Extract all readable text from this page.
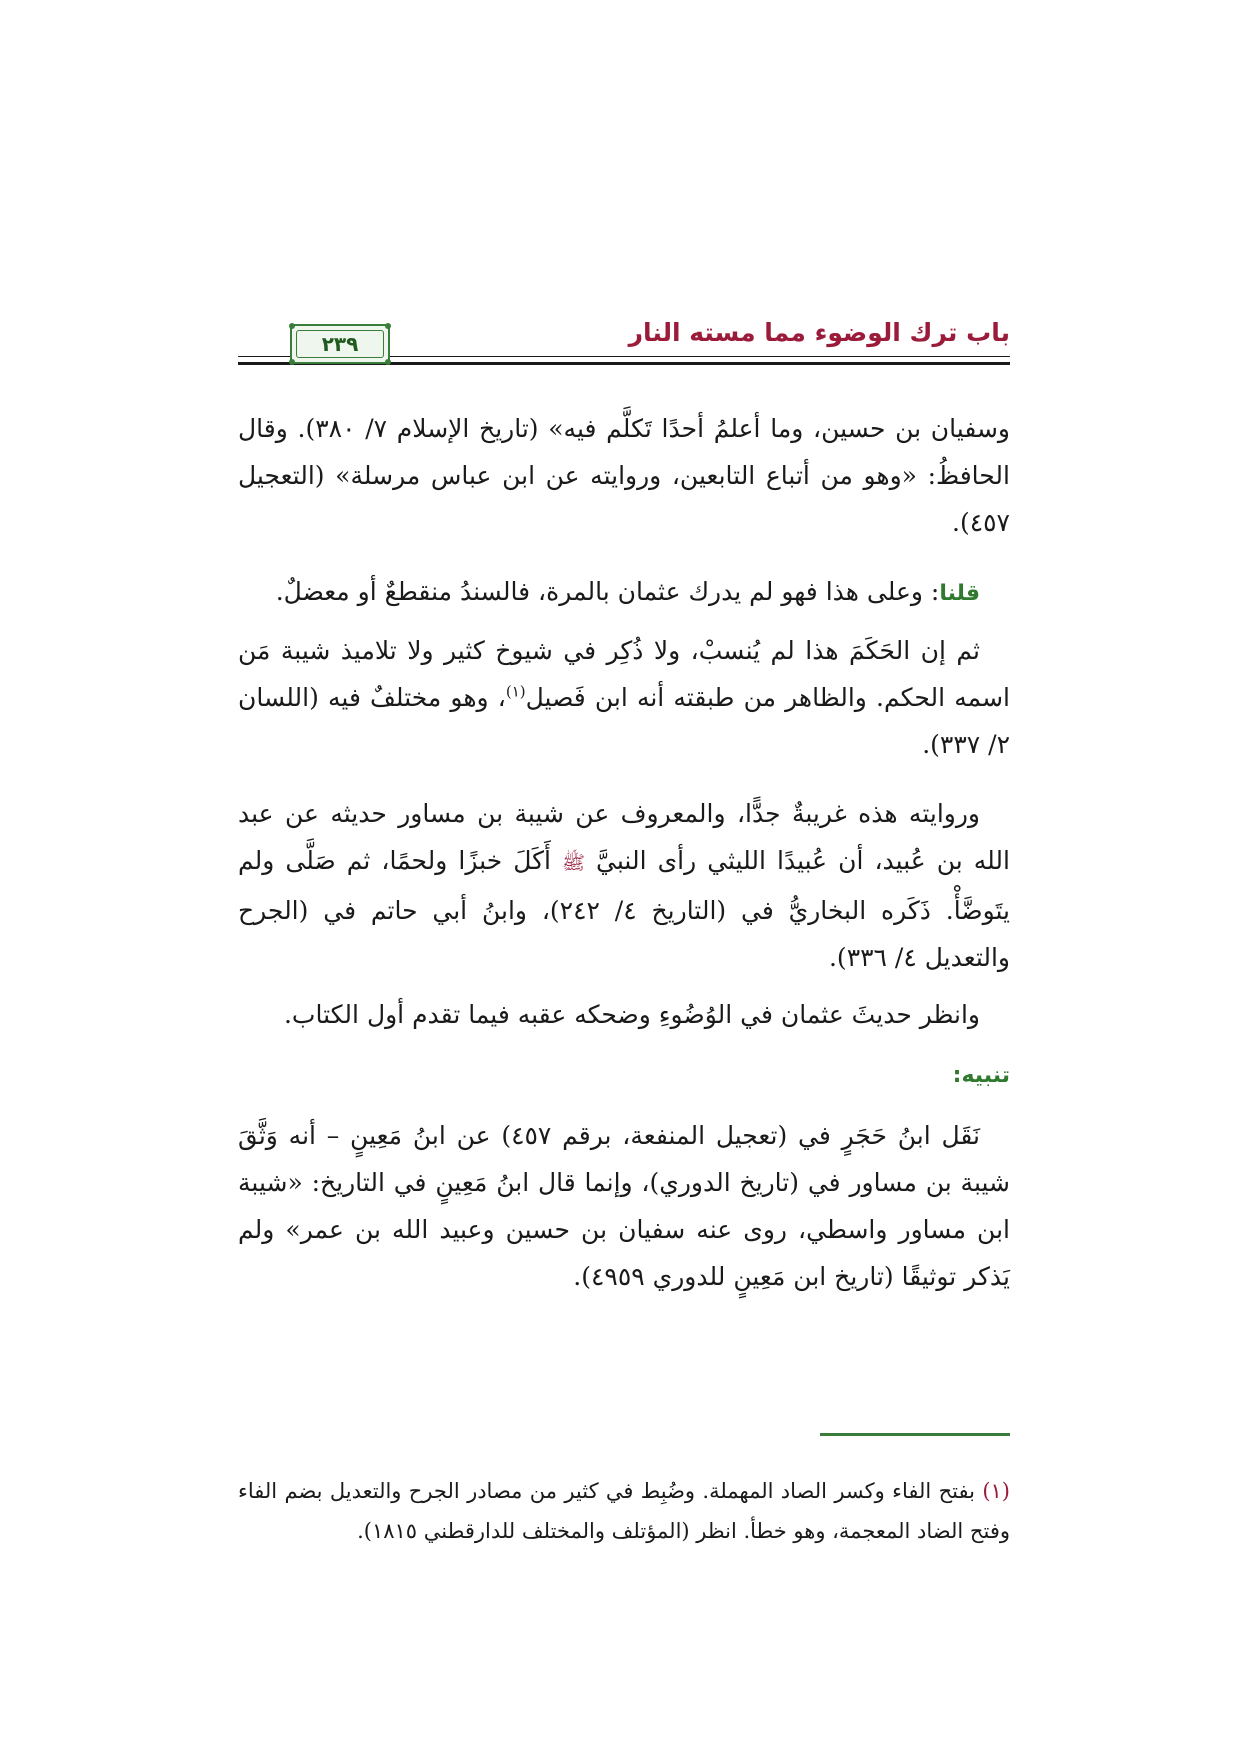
باب ترك الوضوء مما مسته النار
٢٣٩

وسفيان بن حسين، وما أعلمُ أحدًا تَكلَّم فيه» (تاريخ الإسلام ٧/ ٣٨٠). وقال الحافظُ: «وهو من أتباع التابعين، وروايته عن ابن عباس مرسلة» (التعجيل ٤٥٧).

قلنا: وعلى هذا فهو لم يدرك عثمان بالمرة، فالسندُ منقطعٌ أو معضلٌ.

ثم إن الحَكَمَ هذا لم يُنسبْ، ولا ذُكِر في شيوخ كثير ولا تلاميذ شيبة مَن اسمه الحكم. والظاهر من طبقته أنه ابن فَصيل$^{(١)}$، وهو مختلفٌ فيه (اللسان ٢/ ٣٣٧).

وروايته هذه غريبةٌ جدًّا، والمعروف عن شيبة بن مساور حديثه عن عبد الله بن عُبيد، أن عُبيدًا الليثي رأى النبيَّ ﷺ أَكَلَ خبزًا ولحمًا، ثم صَلَّى ولم يتَوضَّأْ. ذَكَره البخاريُّ في (التاريخ ٤/ ٢٤٢)، وابنُ أبي حاتم في (الجرح والتعديل ٤/ ٣٣٦).

وانظر حديثَ عثمان في الوُضُوءِ وضحكه عقبه فيما تقدم أول الكتاب.

تنبيه:

نَقَل ابنُ حَجَرٍ في (تعجيل المنفعة، برقم ٤٥٧) عن ابنُ مَعِينٍ – أنه وَثَّقَ شيبة بن مساور في (تاريخ الدوري)، وإنما قال ابنُ مَعِينٍ في التاريخ: «شيبة ابن مساور واسطي، روى عنه سفيان بن حسين وعبيد الله بن عمر» ولم يَذكر توثيقًا (تاريخ ابن مَعِينٍ للدوري ٤٩٥٩).

(١) بفتح الفاء وكسر الصاد المهملة. وضُبِط في كثير من مصادر الجرح والتعديل بضم الفاء وفتح الضاد المعجمة، وهو خطأ. انظر (المؤتلف والمختلف للدارقطني ١٨١٥).
